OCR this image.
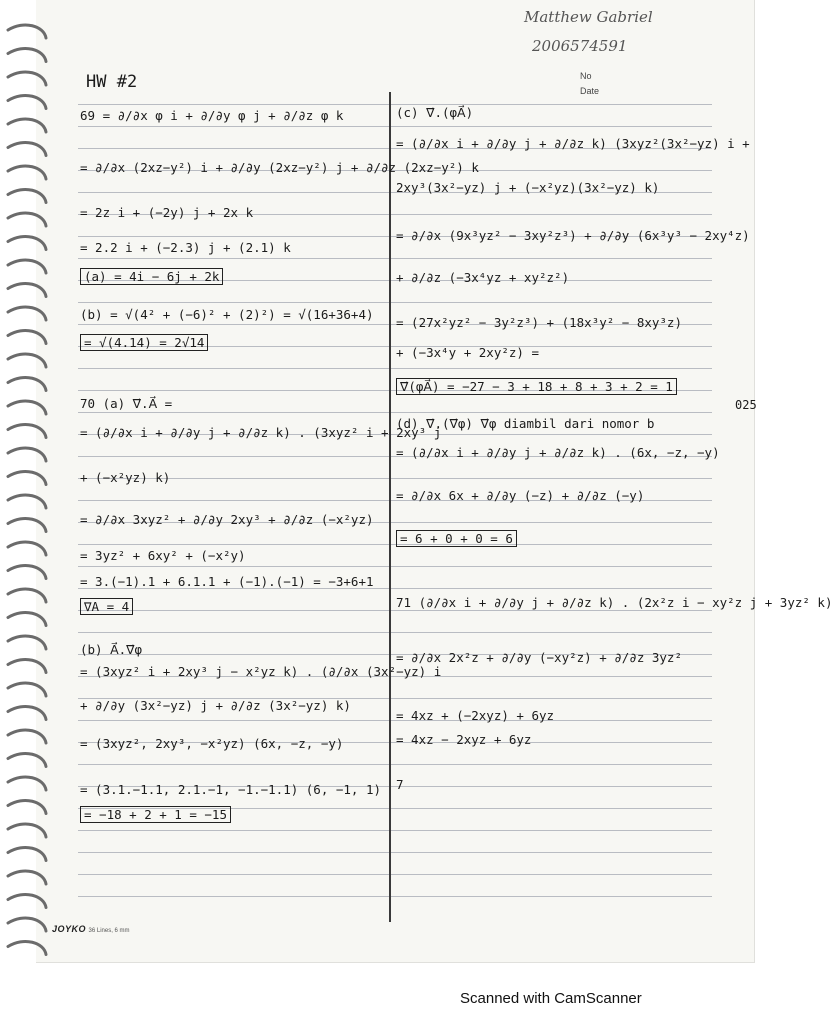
Matthew Gabriel
2006574591
HW #2	No
Date
69 = ∂/∂x φ i + ∂/∂y φ j + ∂/∂z φ k
= ∂/∂x (2xz−y²) i + ∂/∂y (2xz−y²) j + ∂/∂z (2xz−y²) k
= 2z i + (−2y) j + 2x k
= 2.2 i + (−2.3) j + (2.1) k
(a) = 4i − 6j + 2k
(b) = √(4² + (−6)² + (2)²) = √(16+36+4)
= √(4.14) = 2√14
70 (a) ∇⃗.A⃗ =
= (∂/∂x i + ∂/∂y j + ∂/∂z k) . (3xyz² i + 2xy³ j
+ (−x²yz) k)
= ∂/∂x 3xyz² + ∂/∂y 2xy³ + ∂/∂z (−x²yz)
= 3yz² + 6xy² + (−x²y)
= 3.(−1).1 + 6.1.1 + (−1).(−1) = −3+6+1
∇A = 4
(b) A⃗.∇⃗φ
= (3xyz² i + 2xy³ j − x²yz k) . (∂/∂x (3x²−yz) i
+ ∂/∂y (3x²−yz) j + ∂/∂z (3x²−yz) k)
= (3xyz², 2xy³, −x²yz) (6x, −z, −y)
= (3.1.−1.1, 2.1.−1, −1.−1.1) (6, −1, 1)
= −18 + 2 + 1 = −15
(c) ∇⃗.(φA⃗)
= (∂/∂x i + ∂/∂y j + ∂/∂z k) (3xyz²(3x²−yz) i +
2xy³(3x²−yz) j + (−x²yz)(3x²−yz) k)
= ∂/∂x (9x³yz² − 3xy²z³) + ∂/∂y (6x³y³ − 2xy⁴z)
+ ∂/∂z (−3x⁴yz + xy²z²)
= (27x²yz² − 3y²z³) + (18x³y² − 8xy³z)
+ (−3x⁴y + 2xy²z) =
∇⃗(φA⃗) = −27 − 3 + 18 + 8 + 3 + 2 = 1
(d) ∇⃗.(∇⃗φ) ∇⃗φ diambil dari nomor b
= (∂/∂x i + ∂/∂y j + ∂/∂z k) . (6x, −z, −y)
= ∂/∂x 6x + ∂/∂y (−z) + ∂/∂z (−y)
= 6 + 0 + 0 = 6
71 (∂/∂x i + ∂/∂y j + ∂/∂z k) . (2x²z i − xy²z j + 3yz² k)
= ∂/∂x 2x²z + ∂/∂y (−xy²z) + ∂/∂z 3yz²
= 4xz + (−2xyz) + 6yz
= 4xz − 2xyz + 6yz
7
025
JOYKO 36 Lines, 6 mm
Scanned with CamScanner
